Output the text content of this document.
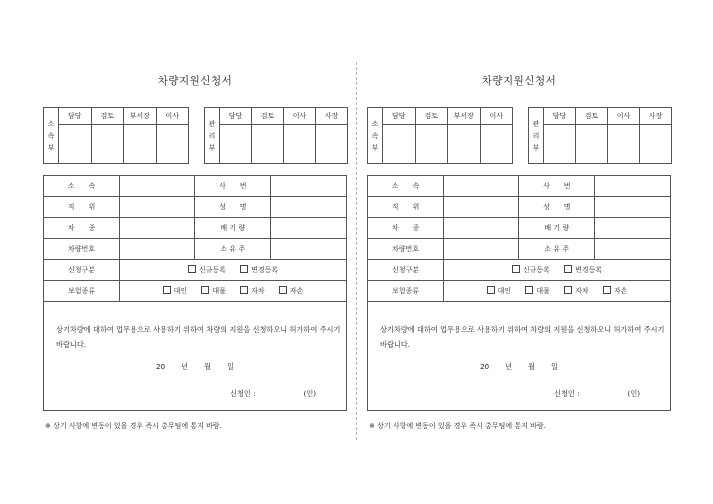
차량지원신청서
소
속
부	담당	검토	부서장	이사

관
리
부	담당	검토	이사	사장

소　　속		사　　번	
직　　위		성　　명	
차　　종		배 기 량	
차량번호		소 유 주	
신청구분	신규등록 변경등록		
보험종류	대인 대물 자차 자손		
상기차량에 대하여 업무용으로 사용하기 위하여 차량의 지원을 신청하오니 허가하여 주시기 바랍니다.
20 년 월 일
신청인 :	(인)
※ 상기 사항에 변동이 있을 경우 즉시 총무팀에 통지 바람.
차량지원신청서
소
속
부	담당	검토	부서장	이사

관
리
부	담당	검토	이사	사장

소　　속		사　　번	
직　　위		성　　명	
차　　종		배 기 량	
차량번호		소 유 주	
신청구분	신규등록 변경등록		
보험종류	대인 대물 자차 자손		
상기차량에 대하여 업무용으로 사용하기 위하여 차량의 지원을 신청하오니 허가하여 주시기 바랍니다.
20 년 월 일
신청인 :	(인)
※ 상기 사항에 변동이 있을 경우 즉시 총무팀에 통지 바람.
